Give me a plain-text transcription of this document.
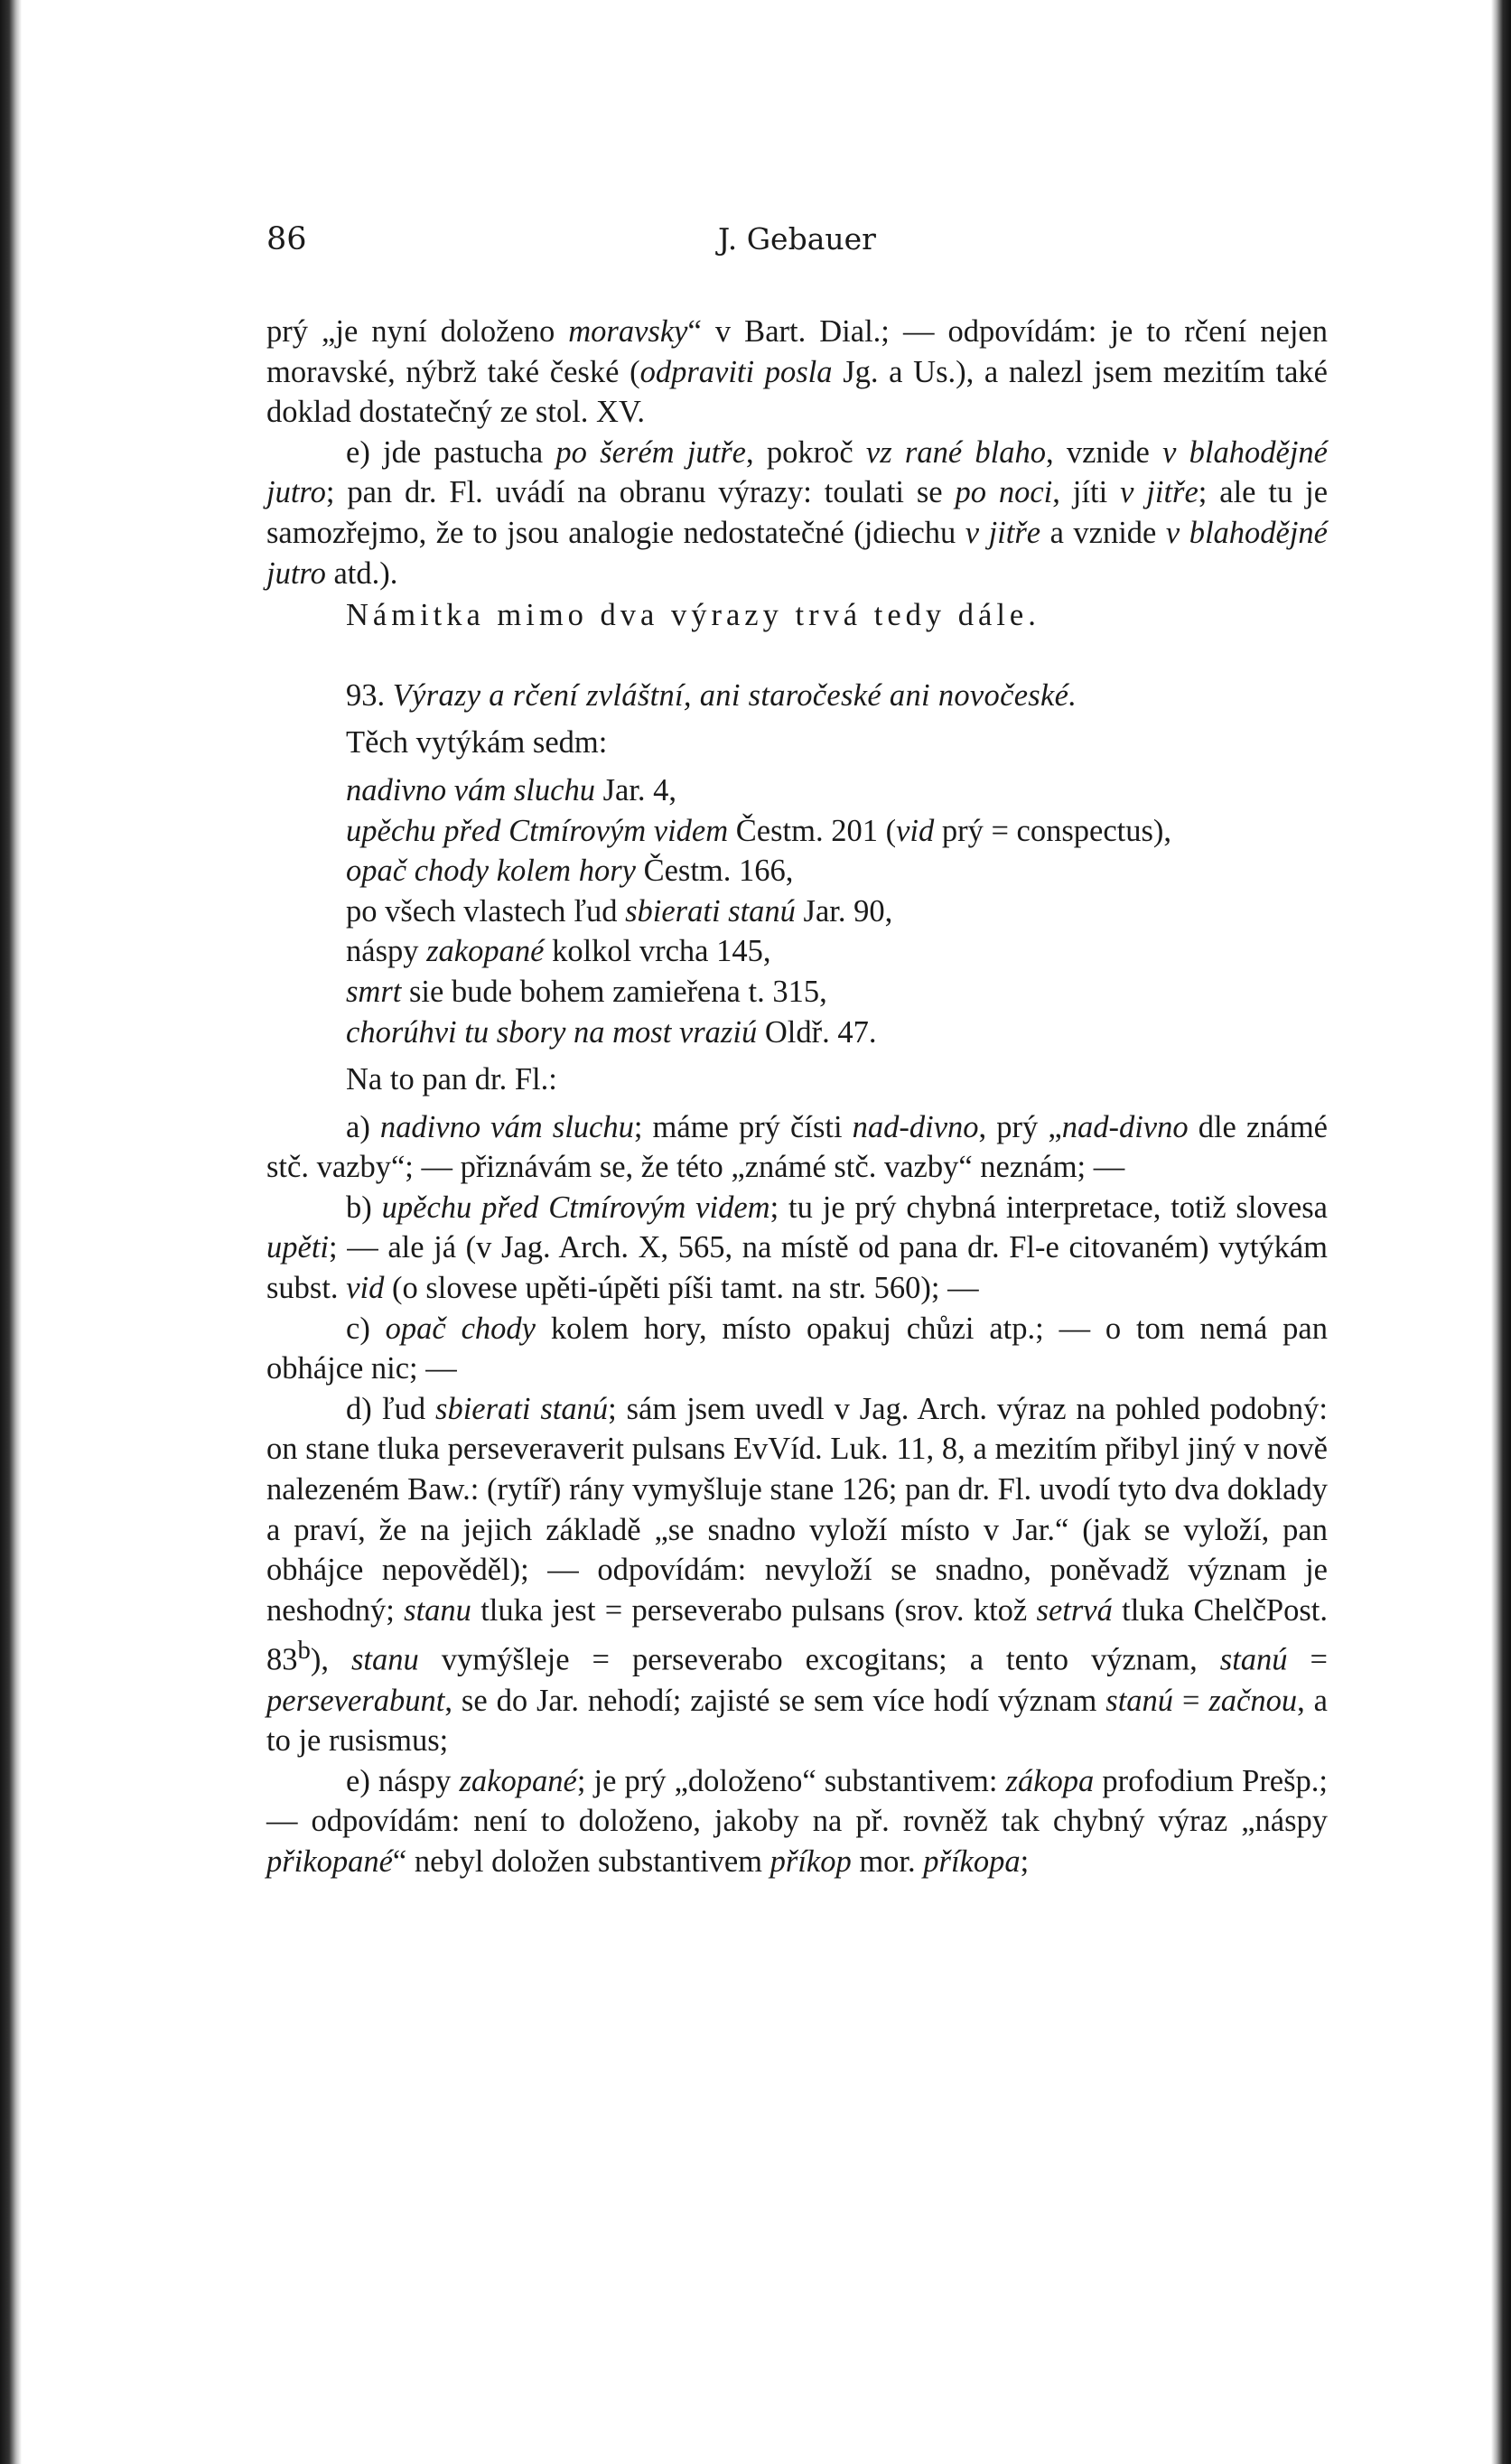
86	J. Gebauer

prý „je nyní doloženo moravsky“ v Bart. Dial.; — odpovídám: je to rčení nejen moravské, nýbrž také české (odpraviti posla Jg. a Us.), a nalezl jsem mezitím také doklad dostatečný ze stol. XV.

e) jde pastucha po šerém jutře, pokroč vz rané blaho, vznide v blahodějné jutro; pan dr. Fl. uvádí na obranu výrazy: toulati se po noci, jíti v jitře; ale tu je samozřejmo, že to jsou analogie nedostatečné (jdiechu v jitře a vznide v blahodějné jutro atd.).

Námitka mimo dva výrazy trvá tedy dále.

93. Výrazy a rčení zvláštní, ani staročeské ani novočeské.

Těch vytýkám sedm:

nadivno vám sluchu Jar. 4,

upěchu před Ctmírovým videm Čestm. 201 (vid prý = conspectus),

opač chody kolem hory Čestm. 166,

po všech vlastech ľud sbierati stanú Jar. 90,

náspy zakopané kolkol vrcha 145,

smrt sie bude bohem zamieřena t. 315,

chorúhvi tu sbory na most vraziú Oldř. 47.

Na to pan dr. Fl.:

a) nadivno vám sluchu; máme prý čísti nad-divno, prý „nad-divno dle známé stč. vazby“; — přiznávám se, že této „známé stč. vazby“ neznám; —

b) upěchu před Ctmírovým videm; tu je prý chybná interpretace, totiž slovesa upěti; — ale já (v Jag. Arch. X, 565, na místě od pana dr. Fl-e citovaném) vytýkám subst. vid (o slovese upěti-úpěti píši tamt. na str. 560); —

c) opač chody kolem hory, místo opakuj chůzi atp.; — o tom nemá pan obhájce nic; —

d) ľud sbierati stanú; sám jsem uvedl v Jag. Arch. výraz na pohled podobný: on stane tluka perseveraverit pulsans EvVíd. Luk. 11, 8, a mezitím přibyl jiný v nově nalezeném Baw.: (rytíř) rány vymyšluje stane 126; pan dr. Fl. uvodí tyto dva doklady a praví, že na jejich základě „se snadno vyloží místo v Jar.“ (jak se vyloží, pan obhájce nepověděl); — odpovídám: nevyloží se snadno, poněvadž význam je neshodný; stanu tluka jest = perseverabo pulsans (srov. ktož setrvá tluka ChelčPost. 83$^b$), stanu vymýšleje = perseverabo excogitans; a tento význam, stanú = perseverabunt, se do Jar. nehodí; zajisté se sem více hodí význam stanú = začnou, a to je rusismus;

e) náspy zakopané; je prý „doloženo“ substantivem: zákopa profodium Prešp.; — odpovídám: není to doloženo, jakoby na př. rovněž tak chybný výraz „náspy přikopané“ nebyl doložen substantivem příkop mor. příkopa;
